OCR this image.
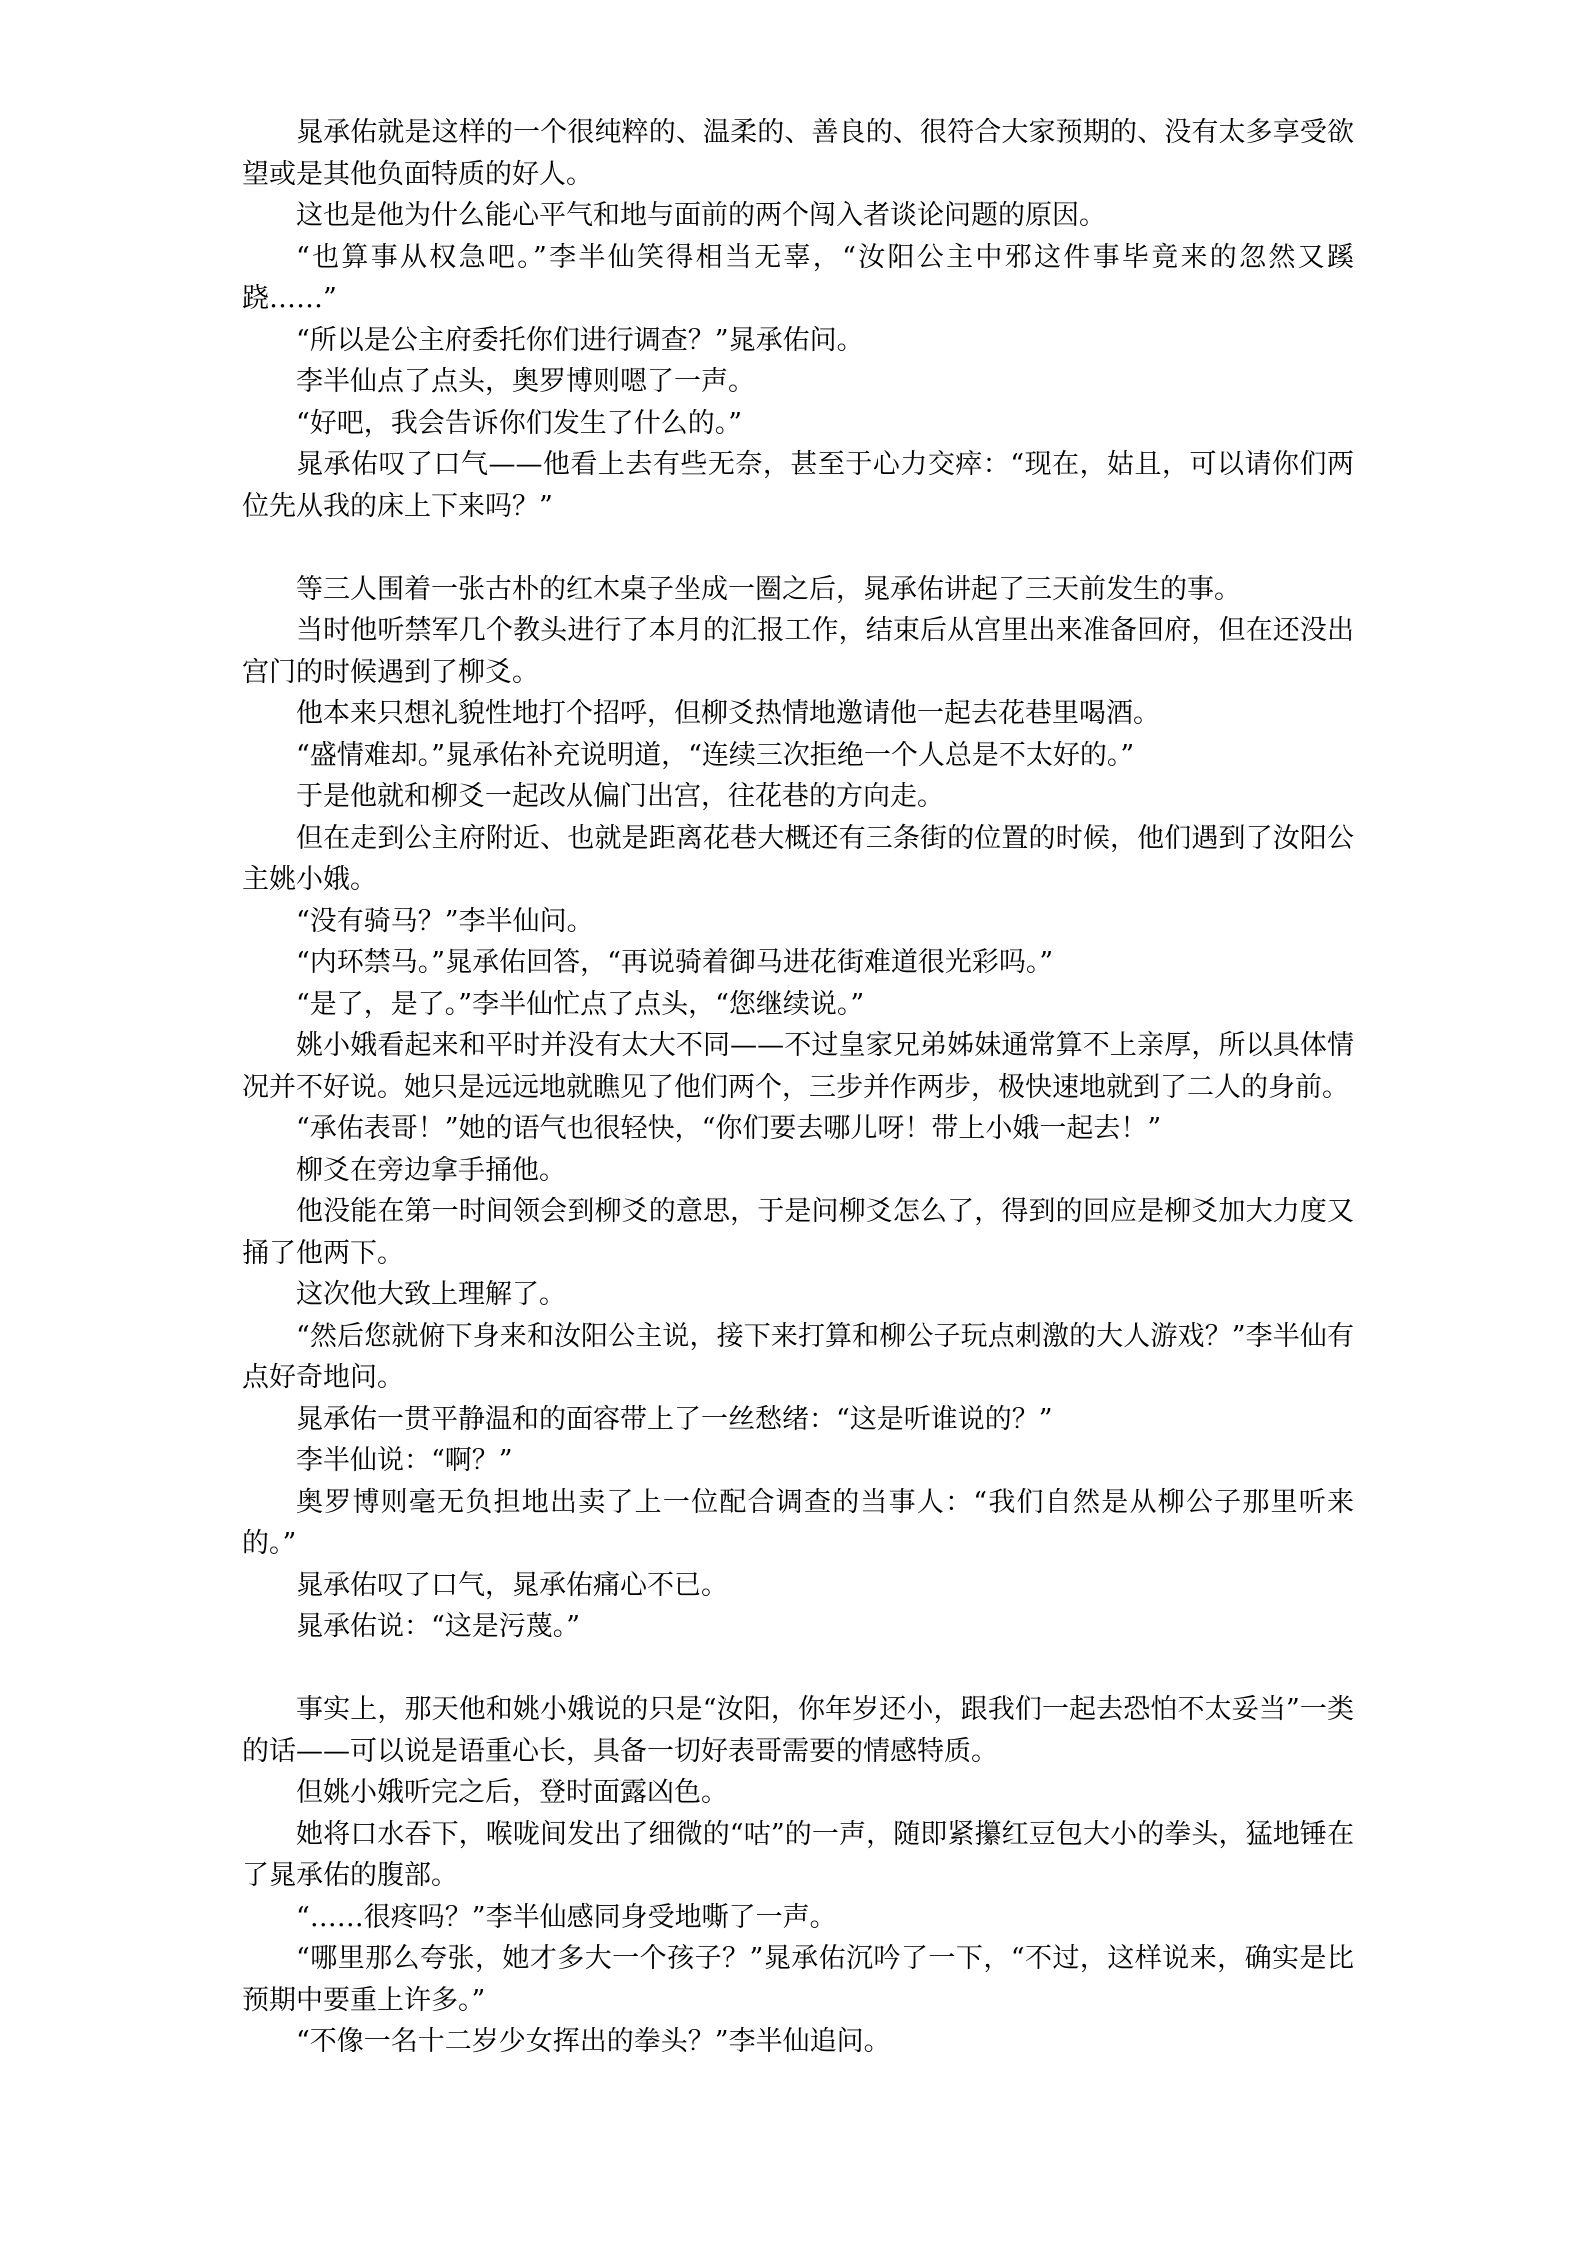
晁承佑就是这样的一个很纯粹的、温柔的、善良的、很符合大家预期的、没有太多享受欲望或是其他负面特质的好人。

这也是他为什么能心平气和地与面前的两个闯入者谈论问题的原因。

“也算事从权急吧。”李半仙笑得相当无辜，“汝阳公主中邪这件事毕竟来的忽然又蹊跷……”

“所以是公主府委托你们进行调查？”晁承佑问。

李半仙点了点头，奥罗博则嗯了一声。

“好吧，我会告诉你们发生了什么的。”

晁承佑叹了口气——他看上去有些无奈，甚至于心力交瘁：“现在，姑且，可以请你们两位先从我的床上下来吗？”

等三人围着一张古朴的红木桌子坐成一圈之后，晁承佑讲起了三天前发生的事。

当时他听禁军几个教头进行了本月的汇报工作，结束后从宫里出来准备回府，但在还没出宫门的时候遇到了柳爻。

他本来只想礼貌性地打个招呼，但柳爻热情地邀请他一起去花巷里喝酒。

“盛情难却。”晁承佑补充说明道，“连续三次拒绝一个人总是不太好的。”

于是他就和柳爻一起改从偏门出宫，往花巷的方向走。

但在走到公主府附近、也就是距离花巷大概还有三条街的位置的时候，他们遇到了汝阳公主姚小娥。

“没有骑马？”李半仙问。

“内环禁马。”晁承佑回答，“再说骑着御马进花街难道很光彩吗。”

“是了，是了。”李半仙忙点了点头，“您继续说。”

姚小娥看起来和平时并没有太大不同——不过皇家兄弟姊妹通常算不上亲厚，所以具体情况并不好说。她只是远远地就瞧见了他们两个，三步并作两步，极快速地就到了二人的身前。

“承佑表哥！”她的语气也很轻快，“你们要去哪儿呀！带上小娥一起去！”

柳爻在旁边拿手捅他。

他没能在第一时间领会到柳爻的意思，于是问柳爻怎么了，得到的回应是柳爻加大力度又捅了他两下。

这次他大致上理解了。

“然后您就俯下身来和汝阳公主说，接下来打算和柳公子玩点刺激的大人游戏？”李半仙有点好奇地问。

晁承佑一贯平静温和的面容带上了一丝愁绪：“这是听谁说的？”

李半仙说：“啊？”

奥罗博则毫无负担地出卖了上一位配合调查的当事人：“我们自然是从柳公子那里听来的。”

晁承佑叹了口气，晁承佑痛心不已。

晁承佑说：“这是污蔑。”

事实上，那天他和姚小娥说的只是“汝阳，你年岁还小，跟我们一起去恐怕不太妥当”一类的话——可以说是语重心长，具备一切好表哥需要的情感特质。

但姚小娥听完之后，登时面露凶色。

她将口水吞下，喉咙间发出了细微的“咕”的一声，随即紧攥红豆包大小的拳头，猛地锤在了晁承佑的腹部。

“……很疼吗？”李半仙感同身受地嘶了一声。

“哪里那么夸张，她才多大一个孩子？”晁承佑沉吟了一下，“不过，这样说来，确实是比预期中要重上许多。”

“不像一名十二岁少女挥出的拳头？”李半仙追问。
